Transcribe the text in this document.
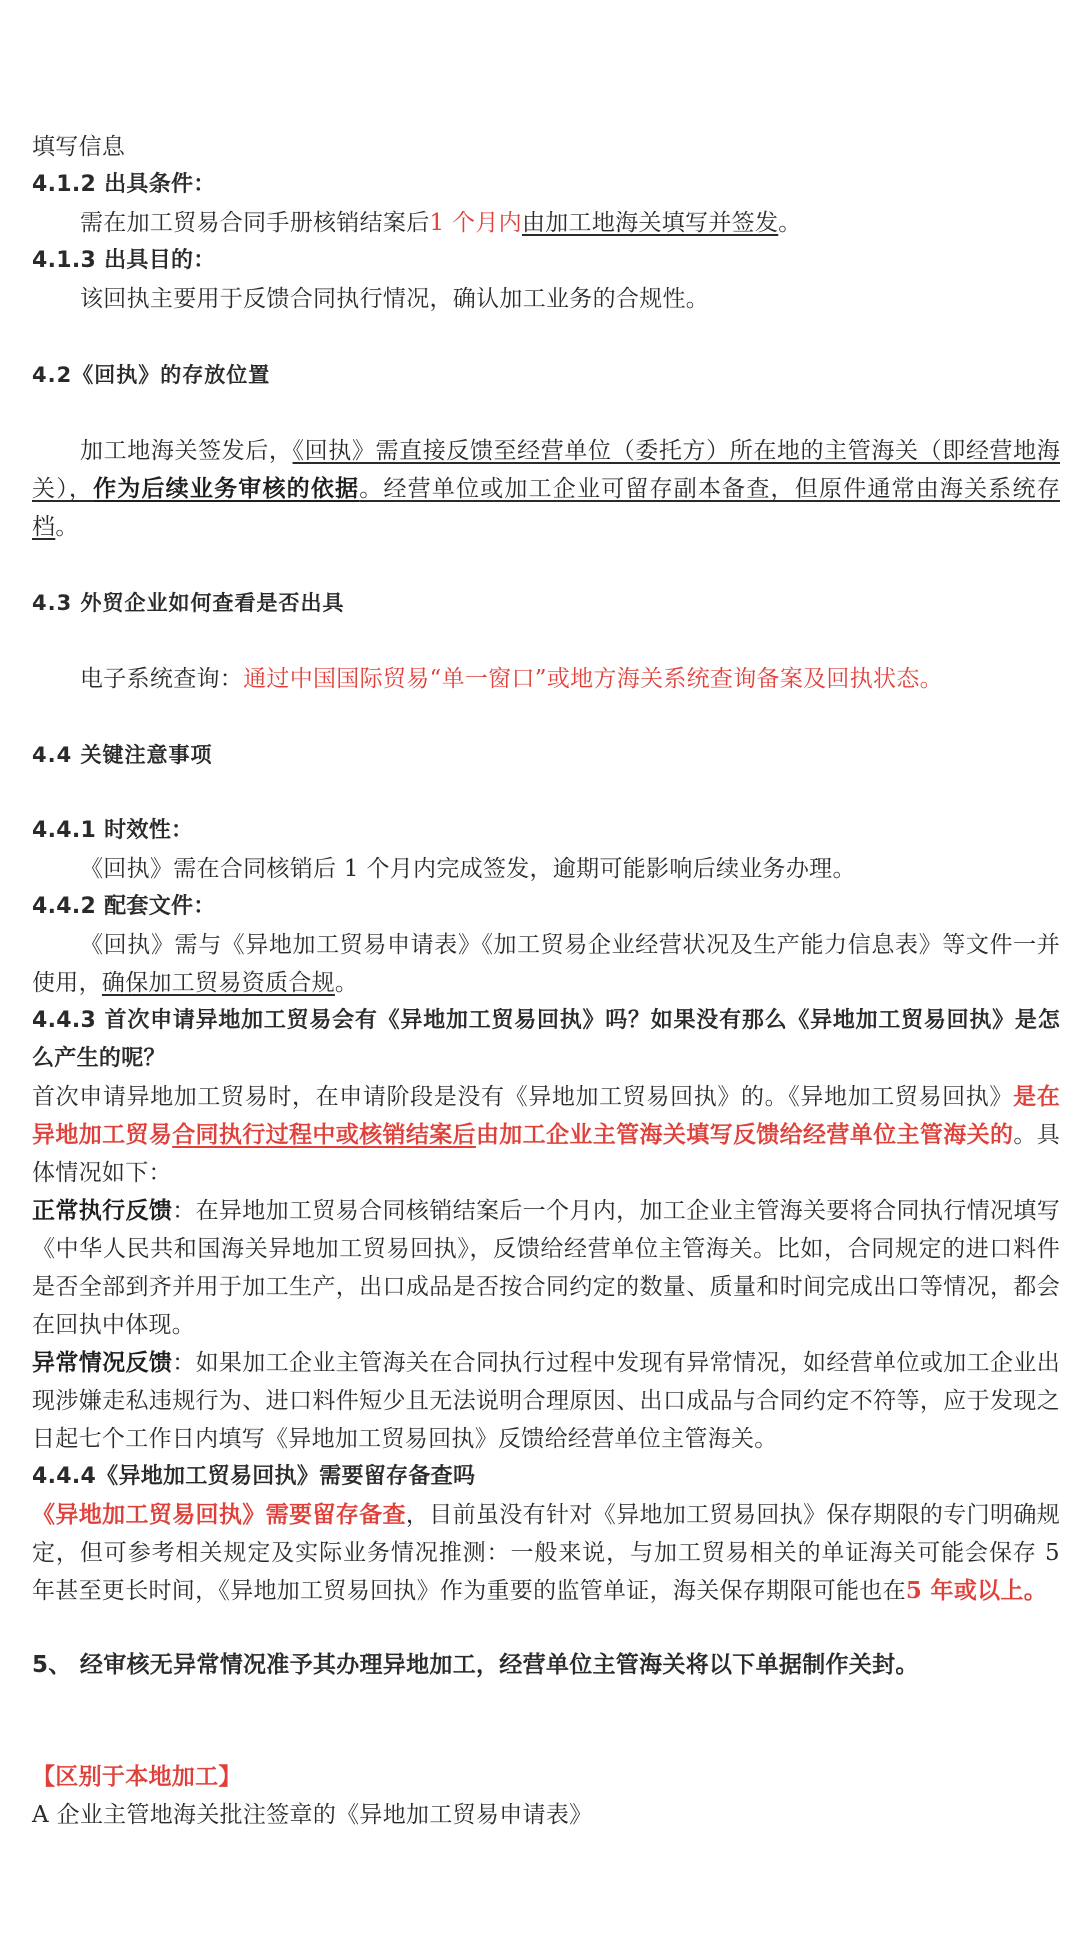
填写信息
4.1.2 出具条件：
需在加工贸易合同手册核销结案后1 个月内由加工地海关填写并签发。
4.1.3 出具目的：
该回执主要用于反馈合同执行情况，确认加工业务的合规性。
4.2《回执》的存放位置
加工地海关签发后，《回执》需直接反馈至经营单位（委托方）所在地的主管海关（即经营地海关），作为后续业务审核的依据。经营单位或加工企业可留存副本备查，但原件通常由海关系统存档。
4.3 外贸企业如何查看是否出具
电子系统查询：通过中国国际贸易“单一窗口”或地方海关系统查询备案及回执状态。
4.4 关键注意事项
4.4.1 时效性：
《回执》需在合同核销后 1 个月内完成签发，逾期可能影响后续业务办理。
4.4.2 配套文件：
《回执》需与《异地加工贸易申请表》《加工贸易企业经营状况及生产能力信息表》等文件一并使用，确保加工贸易资质合规。
4.4.3 首次申请异地加工贸易会有《异地加工贸易回执》吗？如果没有那么《异地加工贸易回执》是怎么产生的呢？
首次申请异地加工贸易时，在申请阶段是没有《异地加工贸易回执》的。《异地加工贸易回执》是在异地加工贸易合同执行过程中或核销结案后由加工企业主管海关填写反馈给经营单位主管海关的。具体情况如下：
正常执行反馈：在异地加工贸易合同核销结案后一个月内，加工企业主管海关要将合同执行情况填写《中华人民共和国海关异地加工贸易回执》，反馈给经营单位主管海关。比如，合同规定的进口料件是否全部到齐并用于加工生产，出口成品是否按合同约定的数量、质量和时间完成出口等情况，都会在回执中体现。
异常情况反馈：如果加工企业主管海关在合同执行过程中发现有异常情况，如经营单位或加工企业出现涉嫌走私违规行为、进口料件短少且无法说明合理原因、出口成品与合同约定不符等，应于发现之日起七个工作日内填写《异地加工贸易回执》反馈给经营单位主管海关。
4.4.4《异地加工贸易回执》需要留存备查吗
《异地加工贸易回执》需要留存备查，目前虽没有针对《异地加工贸易回执》保存期限的专门明确规定，但可参考相关规定及实际业务情况推测：一般来说，与加工贸易相关的单证海关可能会保存 5 年甚至更长时间，《异地加工贸易回执》作为重要的监管单证，海关保存期限可能也在5 年或以上。
5、 经审核无异常情况准予其办理异地加工，经营单位主管海关将以下单据制作关封。
【区别于本地加工】
A 企业主管地海关批注签章的《异地加工贸易申请表》
